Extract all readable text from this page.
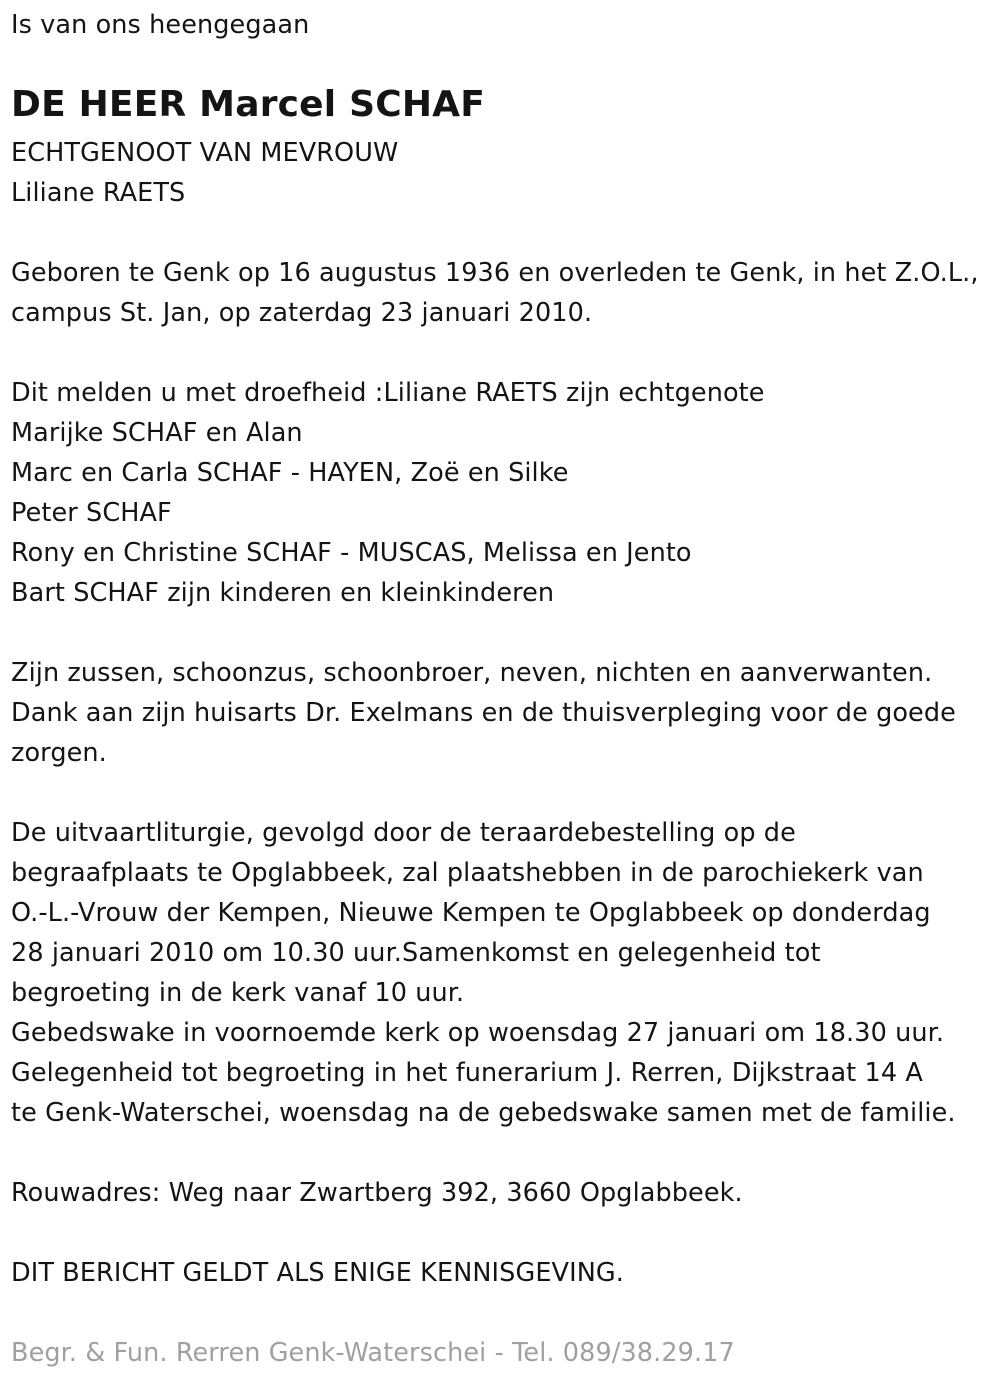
Is van ons heengegaan
DE HEER Marcel SCHAF
ECHTGENOOT VAN MEVROUW
Liliane RAETS
Geboren te Genk op 16 augustus 1936 en overleden te Genk, in het Z.O.L.,
campus St. Jan, op zaterdag 23 januari 2010.
Dit melden u met droefheid :Liliane RAETS zijn echtgenote
Marijke SCHAF en Alan
Marc en Carla SCHAF - HAYEN, Zoë en Silke
Peter SCHAF
Rony en Christine SCHAF - MUSCAS, Melissa en Jento
Bart SCHAF zijn kinderen en kleinkinderen
Zijn zussen, schoonzus, schoonbroer, neven, nichten en aanverwanten.
Dank aan zijn huisarts Dr. Exelmans en de thuisverpleging voor de goede
zorgen.
De uitvaartliturgie, gevolgd door de teraardebestelling op de
begraafplaats te Opglabbeek, zal plaatshebben in de parochiekerk van
O.-L.-Vrouw der Kempen, Nieuwe Kempen te Opglabbeek op donderdag
28 januari 2010 om 10.30 uur.Samenkomst en gelegenheid tot
begroeting in de kerk vanaf 10 uur.
Gebedswake in voornoemde kerk op woensdag 27 januari om 18.30 uur.
Gelegenheid tot begroeting in het funerarium J. Rerren, Dijkstraat 14 A
te Genk-Waterschei, woensdag na de gebedswake samen met de familie.
Rouwadres: Weg naar Zwartberg 392, 3660 Opglabbeek.
DIT BERICHT GELDT ALS ENIGE KENNISGEVING.
Begr. & Fun. Rerren Genk-Waterschei - Tel. 089/38.29.17
